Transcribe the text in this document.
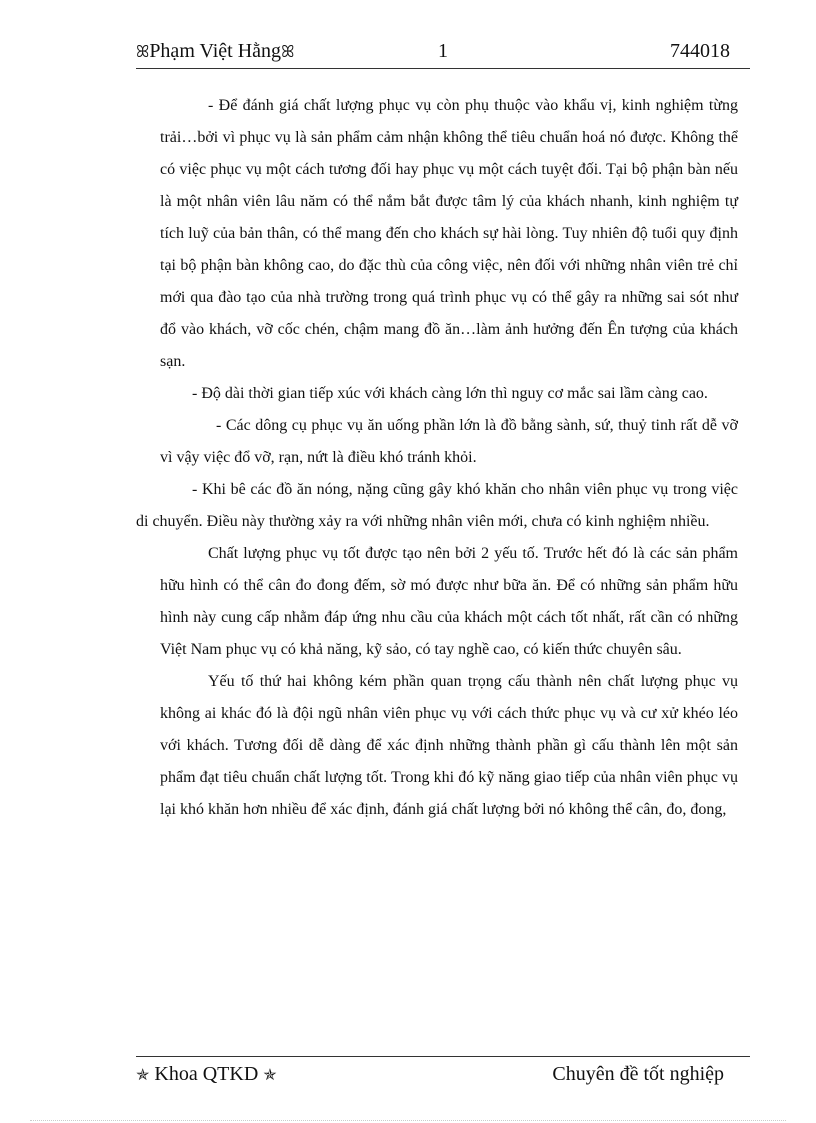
ꕤPhạm Việt Hằngꕤ	1	744018

- Để đánh giá chất lượng phục vụ còn phụ thuộc vào khẩu vị, kinh nghiệm từng trải…bởi vì phục vụ là sản phẩm cảm nhận không thể tiêu chuẩn hoá nó được. Không thể có việc phục vụ một cách tương đối hay phục vụ một cách tuyệt đối. Tại bộ phận bàn nếu là một nhân viên lâu năm có thể nắm bắt được tâm lý của khách nhanh, kinh nghiệm tự tích luỹ của bản thân, có thể mang đến cho khách sự hài lòng. Tuy nhiên độ tuổi quy định tại bộ phận bàn không cao, do đặc thù của công việc, nên đối với những nhân viên trẻ chỉ mới qua đào tạo của nhà trường trong quá trình phục vụ có thể gây ra những sai sót như đổ vào khách, vỡ cốc chén, chậm mang đồ ăn…làm ảnh hưởng đến Ên tượng của khách sạn.

- Độ dài thời gian tiếp xúc với khách càng lớn thì nguy cơ mắc sai lầm càng cao.

- Các dông cụ phục vụ ăn uống phần lớn là đồ bằng sành, sứ, thuỷ tinh rất dễ vỡ vì vậy việc đổ vỡ, rạn, nứt là điều khó tránh khỏi.

- Khi bê các đồ ăn nóng, nặng cũng gây khó khăn cho nhân viên phục vụ trong việc di chuyển. Điều này thường xảy ra với những nhân viên mới, chưa có kinh nghiệm nhiều.

Chất lượng phục vụ tốt được tạo nên bởi 2 yếu tố. Trước hết đó là các sản phẩm hữu hình có thể cân đo đong đếm, sờ mó được như bữa ăn. Để có những sản phẩm hữu hình này cung cấp nhằm đáp ứng nhu cầu của khách một cách tốt nhất, rất cần có những Việt Nam phục vụ có khả năng, kỹ sảo, có tay nghề cao, có kiến thức chuyên sâu.

Yếu tố thứ hai không kém phần quan trọng cấu thành nên chất lượng phục vụ không ai khác đó là đội ngũ nhân viên phục vụ với cách thức phục vụ và cư xử khéo léo với khách. Tương đối dễ dàng để xác định những thành phần gì cấu thành lên một sản phẩm đạt tiêu chuẩn chất lượng tốt. Trong khi đó kỹ năng giao tiếp của nhân viên phục vụ lại khó khăn hơn nhiều để xác định, đánh giá chất lượng bởi nó không thể cân, đo, đong,

✯ Khoa QTKD ✯	Chuyên đề tốt nghiệp
